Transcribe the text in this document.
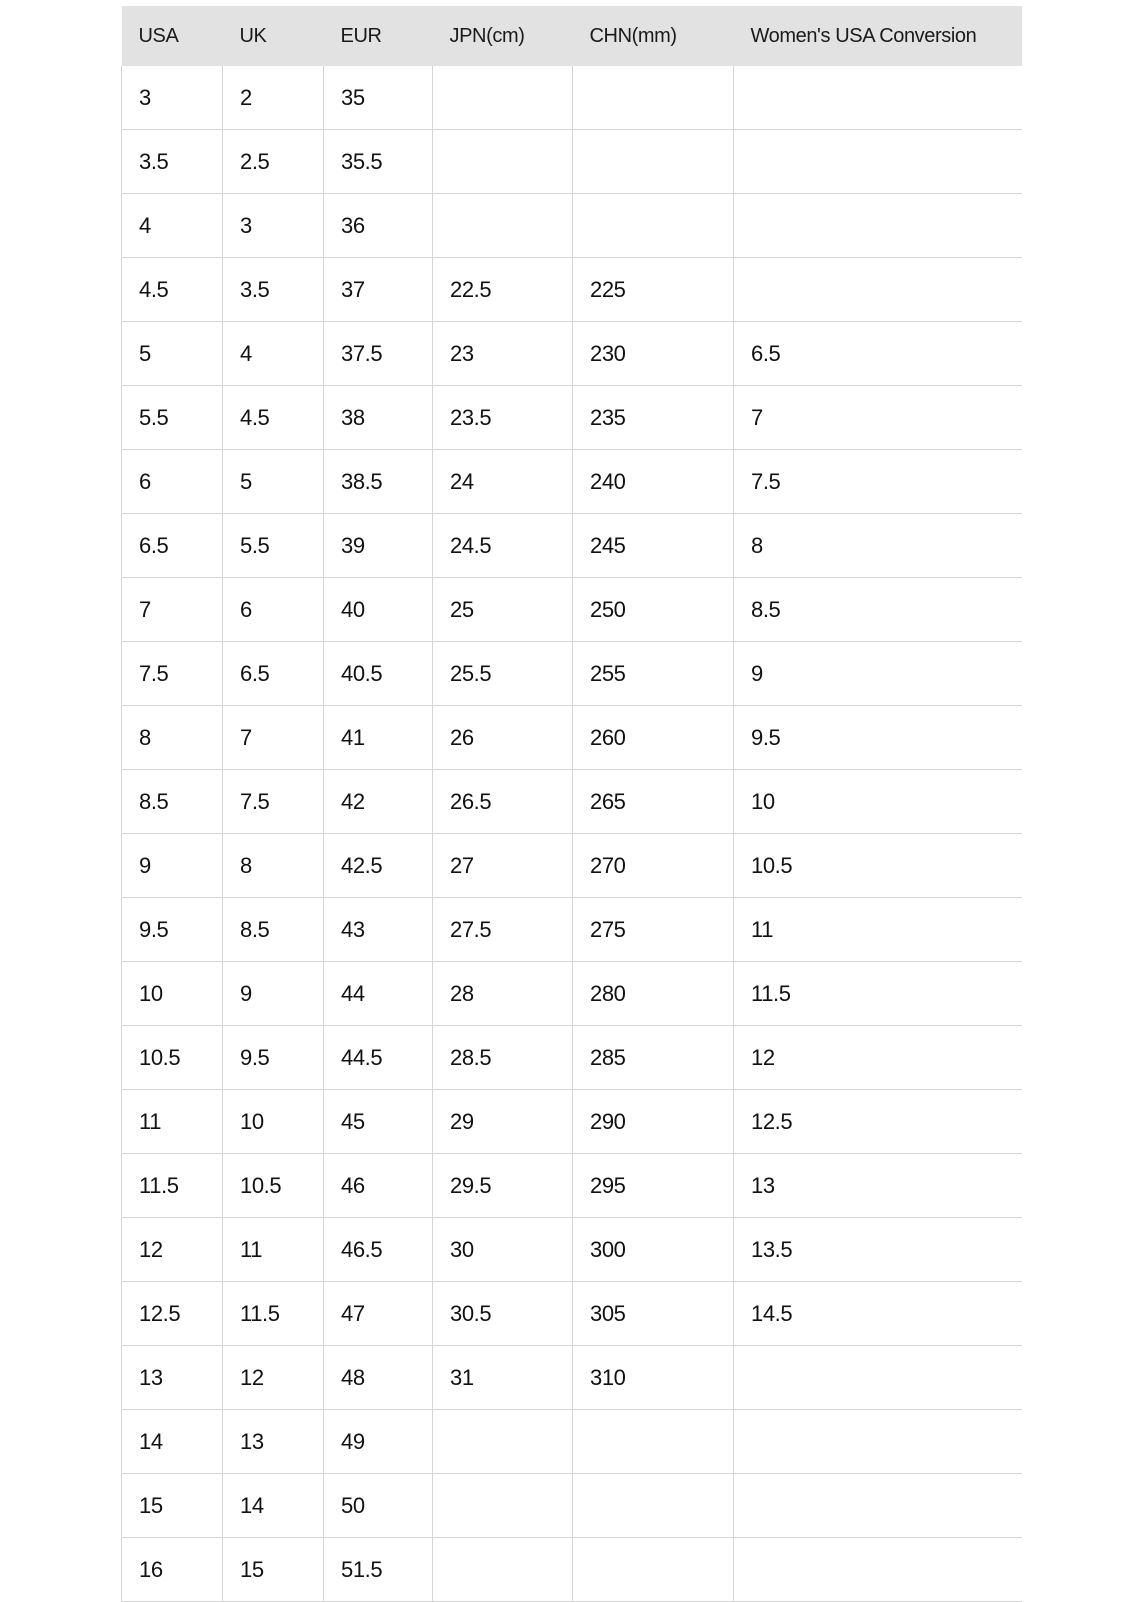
USA	UK	EUR	JPN(cm)	CHN(mm)	Women's USA Conversion
3	2	35			
3.5	2.5	35.5			
4	3	36			
4.5	3.5	37	22.5	225	
5	4	37.5	23	230	6.5
5.5	4.5	38	23.5	235	7
6	5	38.5	24	240	7.5
6.5	5.5	39	24.5	245	8
7	6	40	25	250	8.5
7.5	6.5	40.5	25.5	255	9
8	7	41	26	260	9.5
8.5	7.5	42	26.5	265	10
9	8	42.5	27	270	10.5
9.5	8.5	43	27.5	275	11
10	9	44	28	280	11.5
10.5	9.5	44.5	28.5	285	12
11	10	45	29	290	12.5
11.5	10.5	46	29.5	295	13
12	11	46.5	30	300	13.5
12.5	11.5	47	30.5	305	14.5
13	12	48	31	310	
14	13	49			
15	14	50			
16	15	51.5			
